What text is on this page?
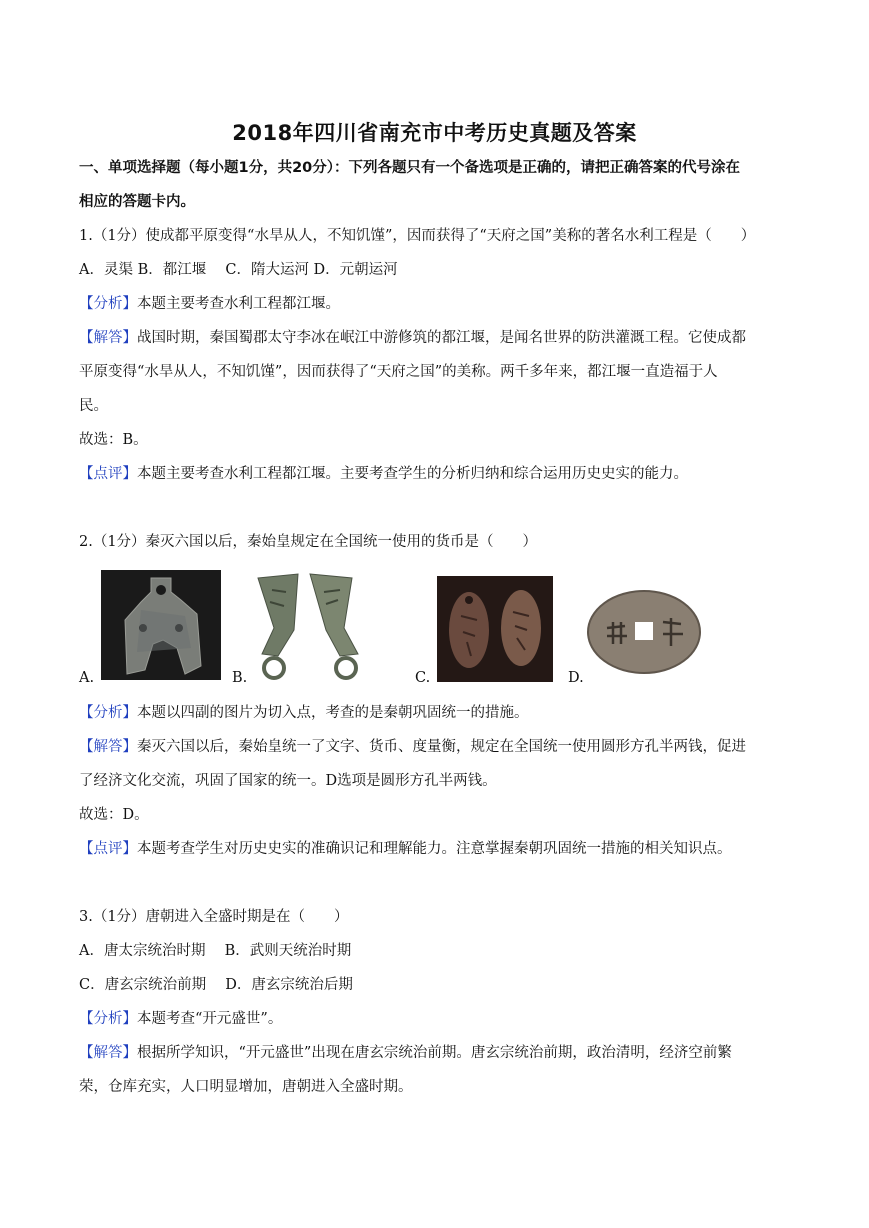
2018年四川省南充市中考历史真题及答案
一、单项选择题（每小题1分，共20分）：下列各题只有一个备选项是正确的，请把正确答案的代号涂在
相应的答题卡内。
1.（1分）使成都平原变得“水旱从人，不知饥馑”，因而获得了“天府之国”美称的著名水利工程是（　　）
A．灵渠 B．都江堰　 C．隋大运河 D．元朝运河
【分析】本题主要考查水利工程都江堰。
【解答】战国时期，秦国蜀郡太守李冰在岷江中游修筑的都江堰，是闻名世界的防洪灌溉工程。它使成都
平原变得“水旱从人，不知饥馑”，因而获得了“天府之国”的美称。两千多年来，都江堰一直造福于人
民。
故选：B。
【点评】本题主要考查水利工程都江堰。主要考查学生的分析归纳和综合运用历史史实的能力。
2.（1分）秦灭六国以后，秦始皇规定在全国统一使用的货币是（　　）
A.	B.	C.	D.
【分析】本题以四副的图片为切入点，考查的是秦朝巩固统一的措施。
【解答】秦灭六国以后，秦始皇统一了文字、货币、度量衡，规定在全国统一使用圆形方孔半两钱，促进
了经济文化交流，巩固了国家的统一。D选项是圆形方孔半两钱。
故选：D。
【点评】本题考查学生对历史史实的准确识记和理解能力。注意掌握秦朝巩固统一措施的相关知识点。
3.（1分）唐朝进入全盛时期是在（　　）
A．唐太宗统治时期　 B．武则天统治时期
C．唐玄宗统治前期　 D．唐玄宗统治后期
【分析】本题考查“开元盛世”。
【解答】根据所学知识，“开元盛世”出现在唐玄宗统治前期。唐玄宗统治前期，政治清明，经济空前繁
荣，仓库充实，人口明显增加，唐朝进入全盛时期。
